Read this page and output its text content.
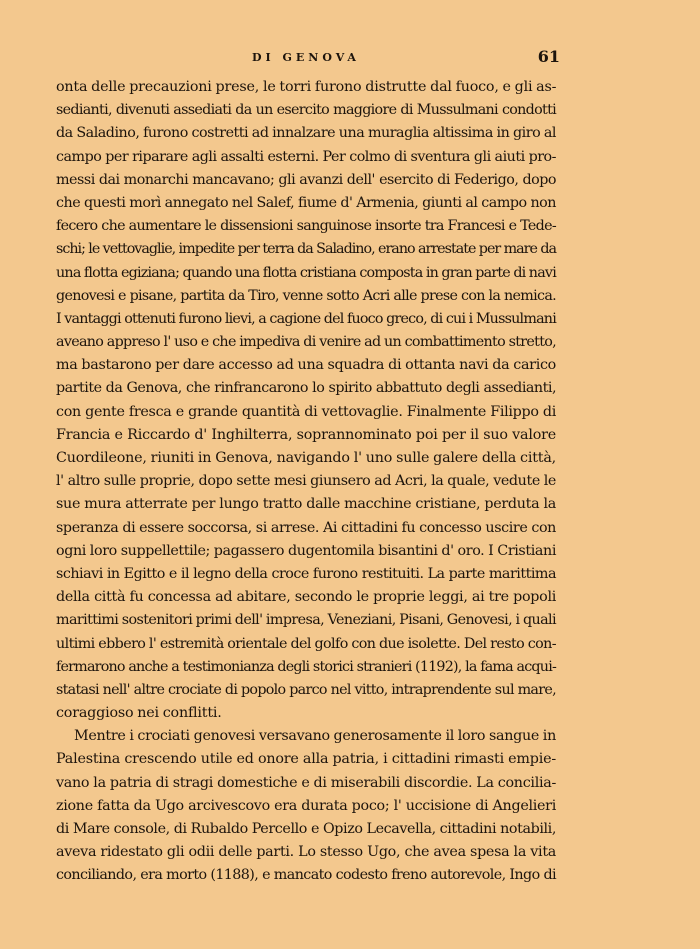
DI GENOVA	61
onta delle precauzioni prese, le torri furono distrutte dal fuoco, e gli as-
sedianti, divenuti assediati da un esercito maggiore di Mussulmani condotti
da Saladino, furono costretti ad innalzare una muraglia altissima in giro al
campo per riparare agli assalti esterni. Per colmo di sventura gli aiuti pro-
messi dai monarchi mancavano; gli avanzi dell' esercito di Federigo, dopo
che questi morì annegato nel Salef, fiume d' Armenia, giunti al campo non
fecero che aumentare le dissensioni sanguinose insorte tra Francesi e Tede-
schi; le vettovaglie, impedite per terra da Saladino, erano arrestate per mare da
una flotta egiziana; quando una flotta cristiana composta in gran parte di navi
genovesi e pisane, partita da Tiro, venne sotto Acri alle prese con la nemica.
I vantaggi ottenuti furono lievi, a cagione del fuoco greco, di cui i Mussulmani
aveano appreso l' uso e che impediva di venire ad un combattimento stretto,
ma bastarono per dare accesso ad una squadra di ottanta navi da carico
partite da Genova, che rinfrancarono lo spirito abbattuto degli assedianti,
con gente fresca e grande quantità di vettovaglie. Finalmente Filippo di
Francia e Riccardo d' Inghilterra, soprannominato poi per il suo valore
Cuordileone, riuniti in Genova, navigando l' uno sulle galere della città,
l' altro sulle proprie, dopo sette mesi giunsero ad Acri, la quale, vedute le
sue mura atterrate per lungo tratto dalle macchine cristiane, perduta la
speranza di essere soccorsa, si arrese. Ai cittadini fu concesso uscire con
ogni loro suppellettile; pagassero dugentomila bisantini d' oro. I Cristiani
schiavi in Egitto e il legno della croce furono restituiti. La parte marittima
della città fu concessa ad abitare, secondo le proprie leggi, ai tre popoli
marittimi sostenitori primi dell' impresa, Veneziani, Pisani, Genovesi, i quali
ultimi ebbero l' estremità orientale del golfo con due isolette. Del resto con-
fermarono anche a testimonianza degli storici stranieri (1192), la fama acqui-
statasi nell' altre crociate di popolo parco nel vitto, intraprendente sul mare,
coraggioso nei conflitti.
Mentre i crociati genovesi versavano generosamente il loro sangue in
Palestina crescendo utile ed onore alla patria, i cittadini rimasti empie-
vano la patria di stragi domestiche e di miserabili discordie. La concilia-
zione fatta da Ugo arcivescovo era durata poco; l' uccisione di Angelieri
di Mare console, di Rubaldo Percello e Opizo Lecavella, cittadini notabili,
aveva ridestato gli odii delle parti. Lo stesso Ugo, che avea spesa la vita
conciliando, era morto (1188), e mancato codesto freno autorevole, Ingo di
